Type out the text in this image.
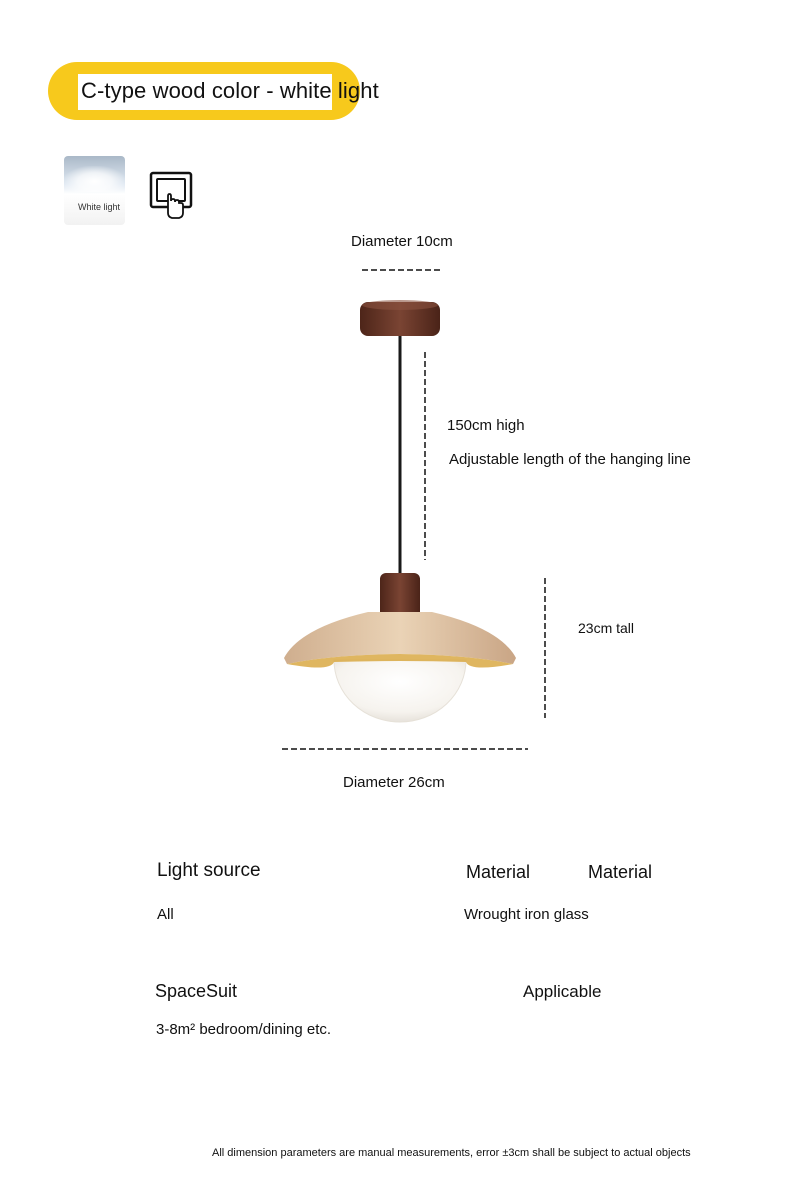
C-type wood color - white light
White light
Diameter 10cm
150cm high
Adjustable length of the hanging line
23cm tall
Diameter 26cm
Light source
All
Material	Material
Wrought iron glass
SpaceSuit	Applicable
3-8m² bedroom/dining etc.
All dimension parameters are manual measurements, error ±3cm shall be subject to actual objects
